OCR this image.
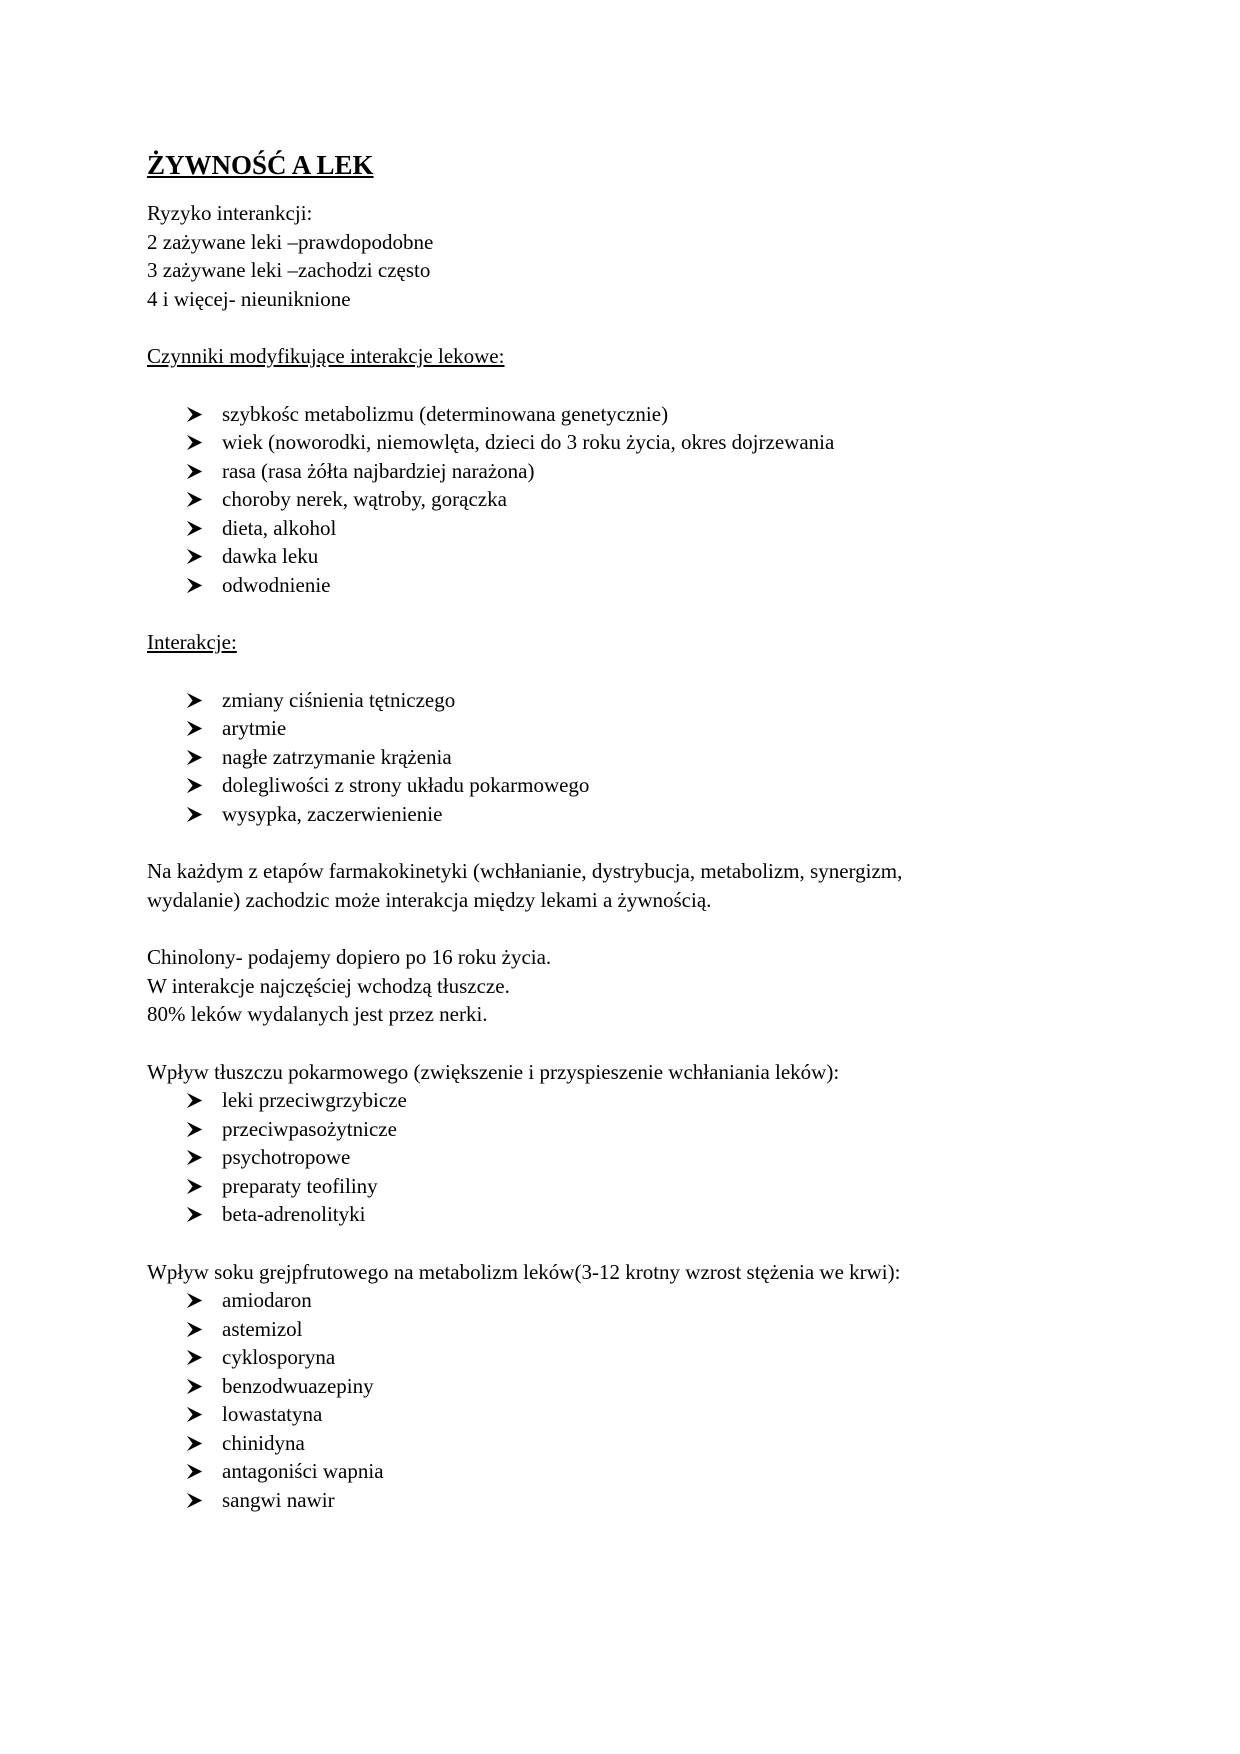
ŻYWNOŚĆ A LEK

Ryzyko interankcji:

2 zażywane leki –prawdopodobne

3 zażywane leki –zachodzi często

4 i więcej- nieuniknione

Czynniki modyfikujące interakcje lekowe:

szybkośc metabolizmu (determinowana genetycznie)
wiek (noworodki, niemowlęta, dzieci do 3 roku życia, okres dojrzewania
rasa (rasa żółta najbardziej narażona)
choroby nerek, wątroby, gorączka
dieta, alkohol
dawka leku
odwodnienie

Interakcje:

zmiany ciśnienia tętniczego
arytmie
nagłe zatrzymanie krążenia
dolegliwości z strony układu pokarmowego
wysypka, zaczerwienienie

Na każdym z etapów farmakokinetyki (wchłanianie, dystrybucja, metabolizm, synergizm,

wydalanie) zachodzic może interakcja między lekami a żywnością.

Chinolony- podajemy dopiero po 16 roku życia.

W interakcje najczęściej wchodzą tłuszcze.

80% leków wydalanych jest przez nerki.

Wpływ tłuszczu pokarmowego (zwiększenie i przyspieszenie wchłaniania leków):

leki przeciwgrzybicze
przeciwpasożytnicze
psychotropowe
preparaty teofiliny
beta-adrenolityki

Wpływ soku grejpfrutowego na metabolizm leków(3-12 krotny wzrost stężenia we krwi):

amiodaron
astemizol
cyklosporyna
benzodwuazepiny
lowastatyna
chinidyna
antagoniści wapnia
sangwi nawir
